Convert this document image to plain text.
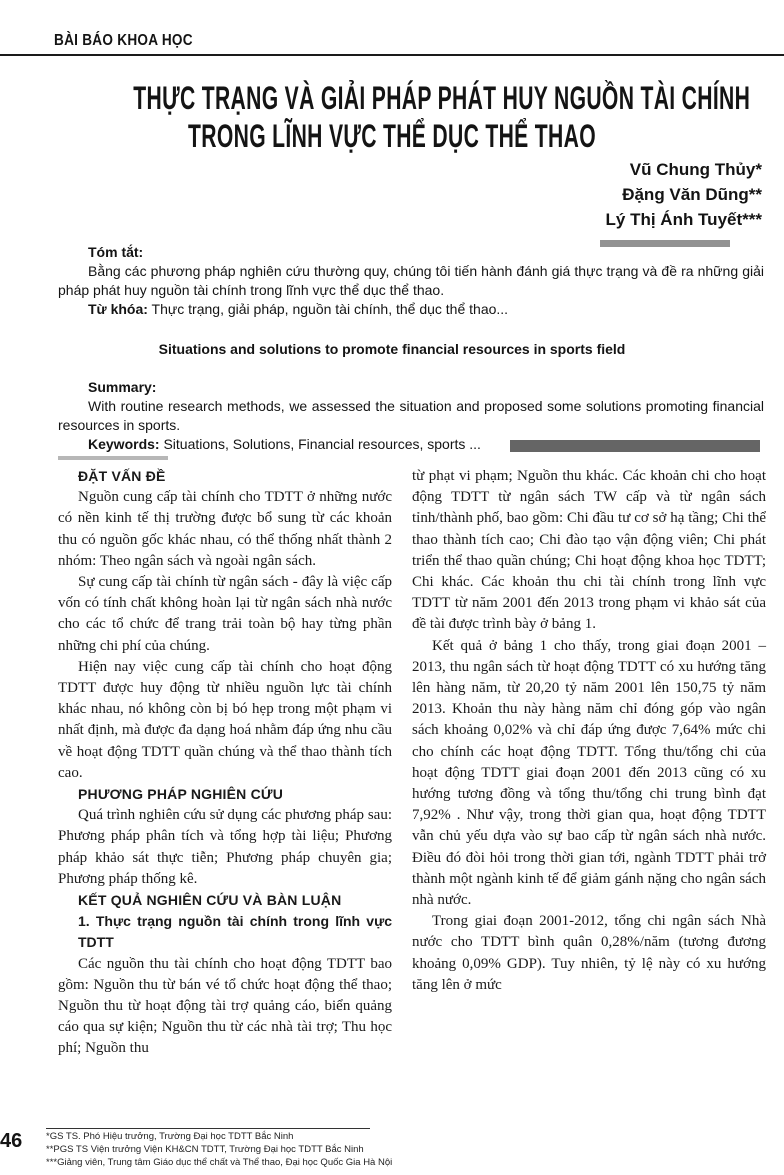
BÀI BÁO KHOA HỌC
THỰC TRẠNG VÀ GIẢI PHÁP PHÁT HUY NGUỒN TÀI CHÍNH
TRONG LĨNH VỰC THỂ DỤC THỂ THAO
Vũ Chung Thủy*
Đặng Văn Dũng**
Lý Thị Ánh Tuyết***
Tóm tắt:
Bằng các phương pháp nghiên cứu thường quy, chúng tôi tiến hành đánh giá thực trạng và đề ra những giải pháp phát huy nguồn tài chính trong lĩnh vực thể dục thể thao.
Từ khóa: Thực trạng, giải pháp, nguồn tài chính, thể dục thể thao...
Situations and solutions to promote financial resources in sports field
Summary:
With routine research methods, we assessed the situation and proposed some solutions promoting financial resources in sports.
Keywords: Situations, Solutions, Financial resources, sports ...
ĐẶT VẤN ĐỀ

Nguồn cung cấp tài chính cho TDTT ở những nước có nền kinh tế thị trường được bổ sung từ các khoản thu có nguồn gốc khác nhau, có thể thống nhất thành 2 nhóm: Theo ngân sách và ngoài ngân sách.

Sự cung cấp tài chính từ ngân sách - đây là việc cấp vốn có tính chất không hoàn lại từ ngân sách nhà nước cho các tổ chức để trang trải toàn bộ hay từng phần những chi phí của chúng.

Hiện nay việc cung cấp tài chính cho hoạt động TDTT được huy động từ nhiều nguồn lực tài chính khác nhau, nó không còn bị bó hẹp trong một phạm vi nhất định, mà được đa dạng hoá nhằm đáp ứng nhu cầu về hoạt động TDTT quần chúng và thể thao thành tích cao.

PHƯƠNG PHÁP NGHIÊN CỨU

Quá trình nghiên cứu sử dụng các phương pháp sau: Phương pháp phân tích và tổng hợp tài liệu; Phương pháp khảo sát thực tiễn; Phương pháp chuyên gia; Phương pháp thống kê.

KẾT QUẢ NGHIÊN CỨU VÀ BÀN LUẬN
1. Thực trạng nguồn tài chính trong lĩnh vực TDTT

Các nguồn thu tài chính cho hoạt động TDTT bao gồm: Nguồn thu từ bán vé tổ chức hoạt động thể thao; Nguồn thu từ hoạt động tài trợ quảng cáo, biển quảng cáo qua sự kiện; Nguồn thu từ các nhà tài trợ; Thu học phí; Nguồn thu

từ phạt vi phạm; Nguồn thu khác. Các khoản chi cho hoạt động TDTT từ ngân sách TW cấp và từ ngân sách tỉnh/thành phố, bao gồm: Chi đầu tư cơ sở hạ tầng; Chi thể thao thành tích cao; Chi đào tạo vận động viên; Chi phát triển thể thao quần chúng; Chi hoạt động khoa học TDTT; Chi khác. Các khoản thu chi tài chính trong lĩnh vực TDTT từ năm 2001 đến 2013 trong phạm vi khảo sát của đề tài được trình bày ở bảng 1.

Kết quả ở bảng 1 cho thấy, trong giai đoạn 2001 – 2013, thu ngân sách từ hoạt động TDTT có xu hướng tăng lên hàng năm, từ 20,20 tỷ năm 2001 lên 150,75 tỷ năm 2013. Khoản thu này hàng năm chỉ đóng góp vào ngân sách khoảng 0,02% và chỉ đáp ứng được 7,64% mức chi cho chính các hoạt động TDTT. Tổng thu/tổng chi của hoạt động TDTT giai đoạn 2001 đến 2013 cũng có xu hướng tương đồng và tổng thu/tổng chi trung bình đạt 7,92% . Như vậy, trong thời gian qua, hoạt động TDTT vẫn chủ yếu dựa vào sự bao cấp từ ngân sách nhà nước. Điều đó đòi hỏi trong thời gian tới, ngành TDTT phải trở thành một ngành kinh tế để giảm gánh nặng cho ngân sách nhà nước.

Trong giai đoạn 2001-2012, tổng chi ngân sách Nhà nước cho TDTT bình quân 0,28%/năm (tương đương khoảng 0,09% GDP). Tuy nhiên, tỷ lệ này có xu hướng tăng lên ở mức

46	*GS TS. Phó Hiệu trưởng, Trường Đại học TDTT Bắc Ninh
**PGS TS Viện trưởng Viện KH&CN TDTT, Trường Đại học TDTT Bắc Ninh
***Giảng viên, Trung tâm Giáo dục thể chất và Thể thao, Đại học Quốc Gia Hà Nội
